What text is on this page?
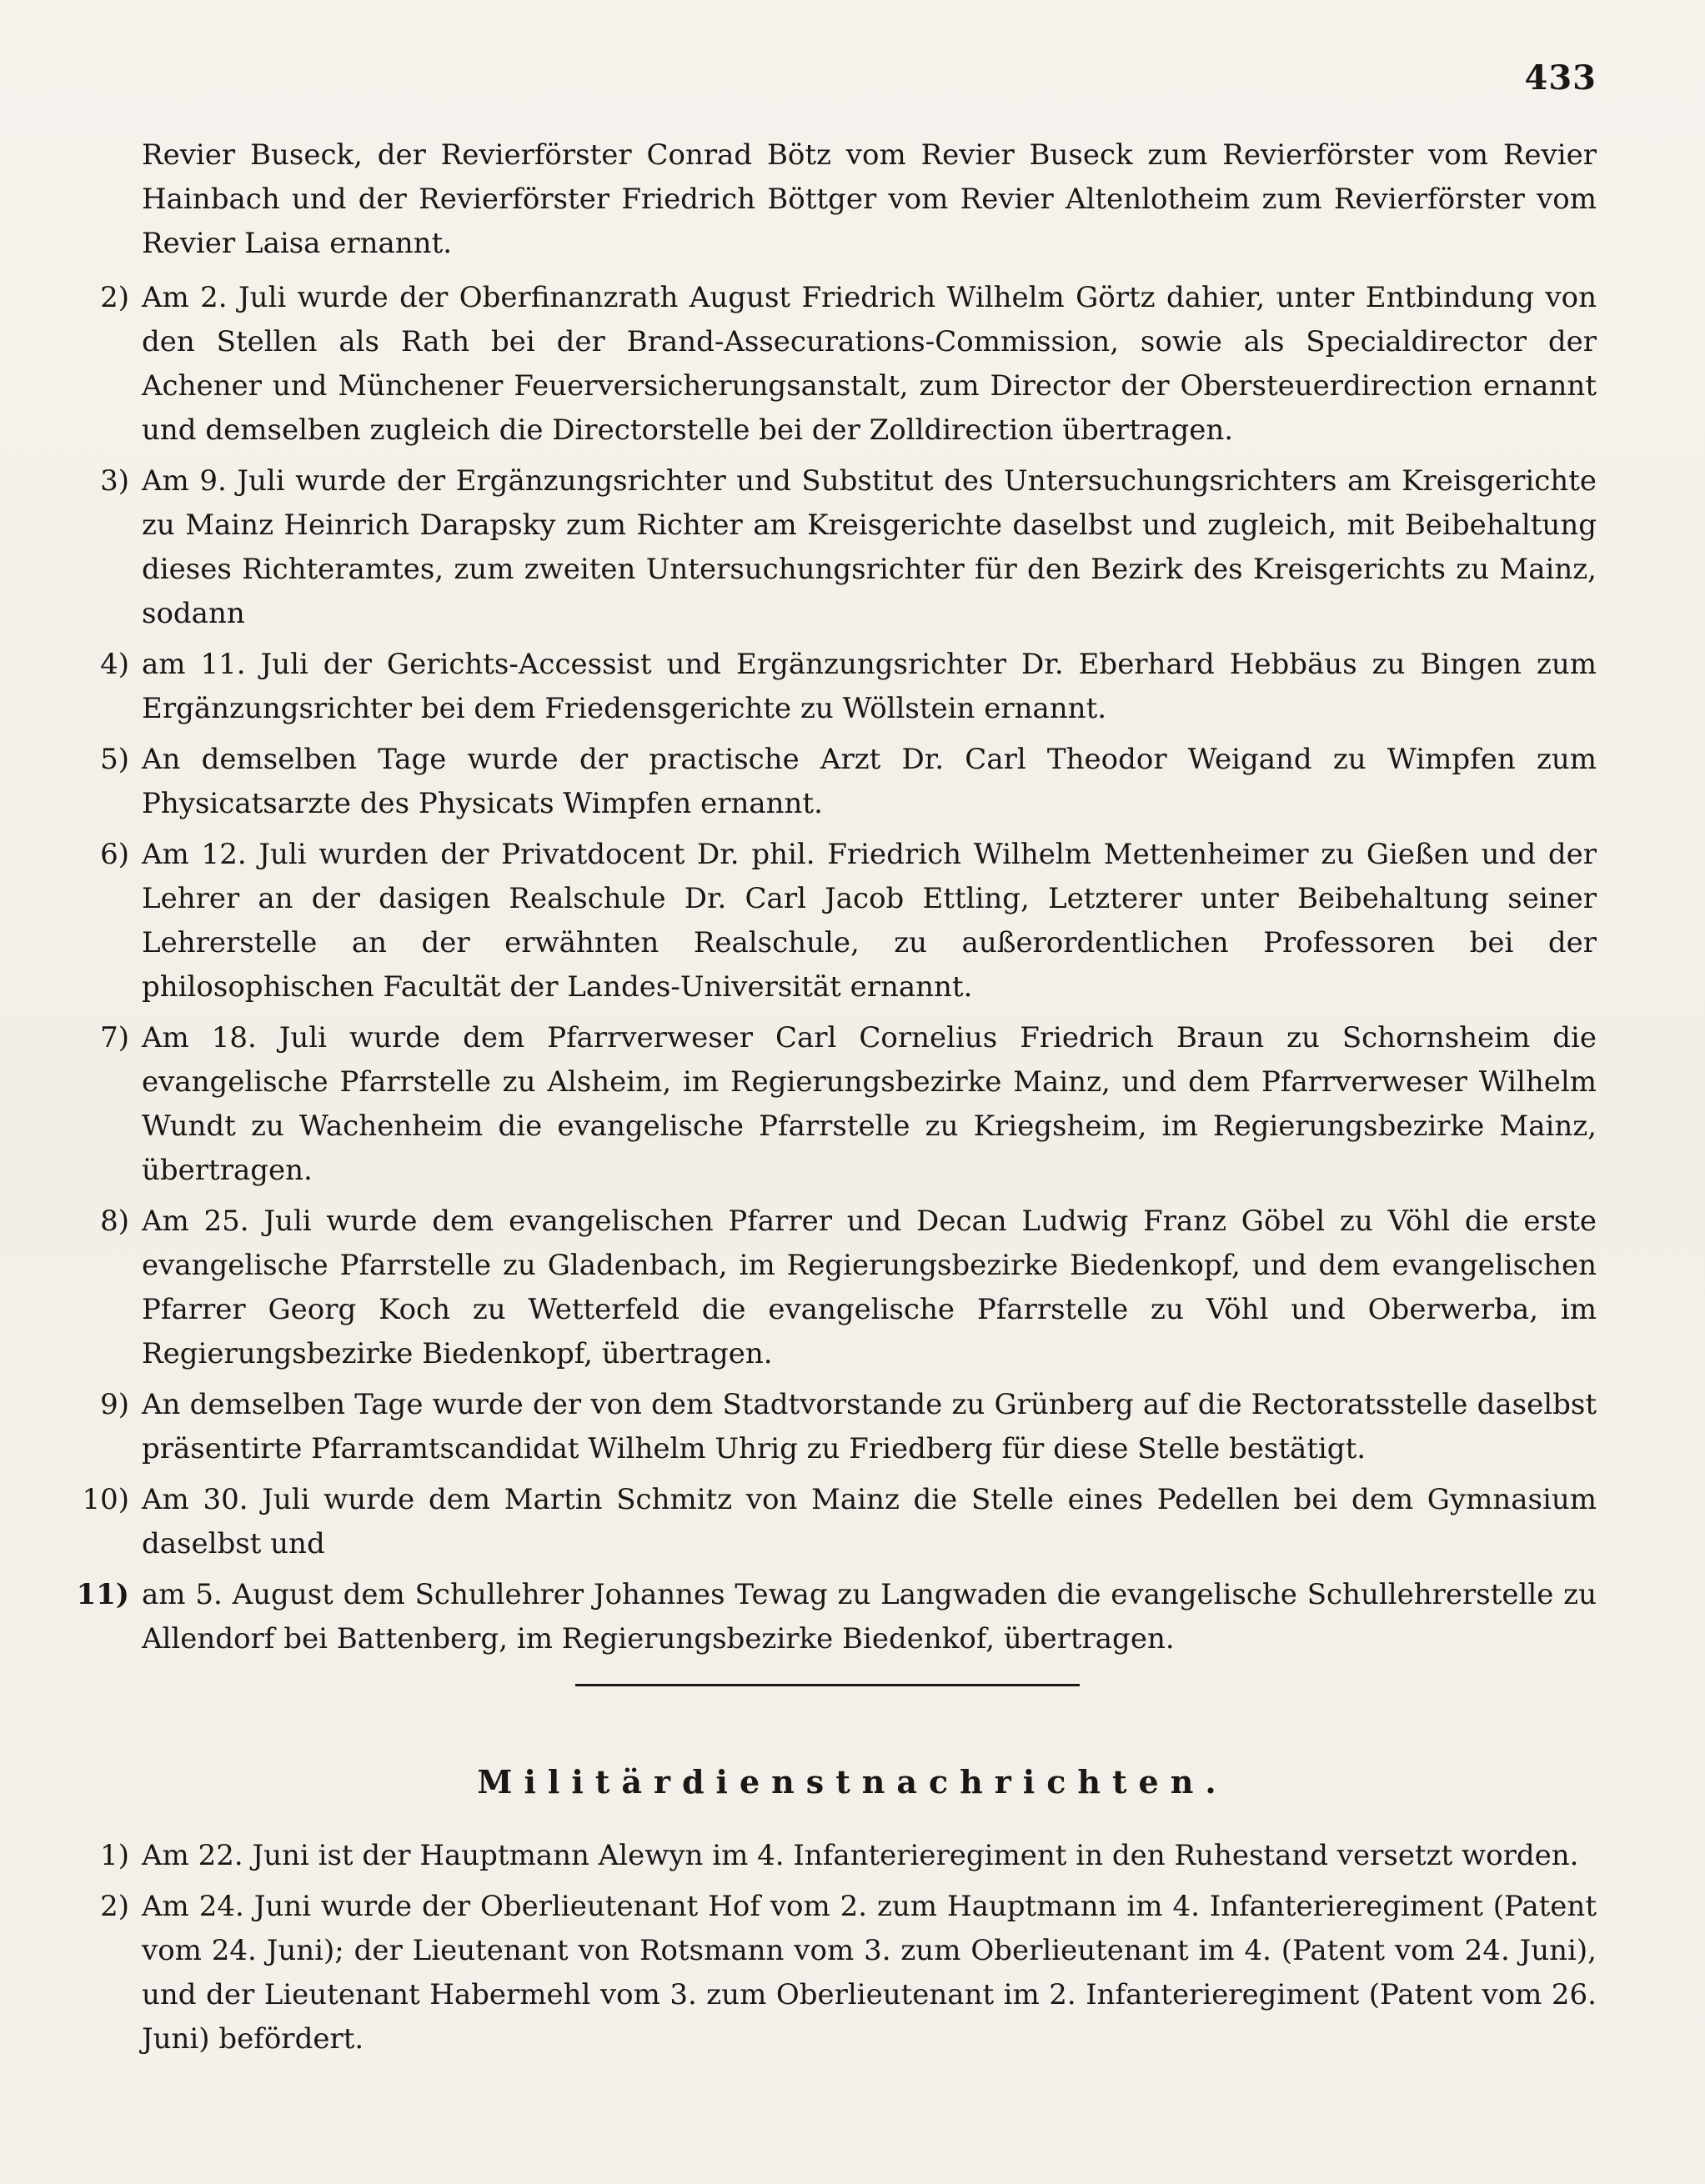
433

Revier Buseck, der Revierförster Conrad Bötz vom Revier Buseck zum Revierförster vom Revier Hainbach und der Revierförster Friedrich Böttger vom Revier Altenlotheim zum Revierförster vom Revier Laisa ernannt.

2) Am 2. Juli wurde der Oberfinanzrath August Friedrich Wilhelm Görtz dahier, unter Entbindung von den Stellen als Rath bei der Brand-Assecurations-Commission, sowie als Specialdirector der Achener und Münchener Feuerversicherungsanstalt, zum Director der Obersteuerdirection ernannt und demselben zugleich die Directorstelle bei der Zolldirection übertragen.
3) Am 9. Juli wurde der Ergänzungsrichter und Substitut des Untersuchungsrichters am Kreisgerichte zu Mainz Heinrich Darapsky zum Richter am Kreisgerichte daselbst und zugleich, mit Beibehaltung dieses Richteramtes, zum zweiten Untersuchungsrichter für den Bezirk des Kreisgerichts zu Mainz, sodann
4) am 11. Juli der Gerichts-Accessist und Ergänzungsrichter Dr. Eberhard Hebbäus zu Bingen zum Ergänzungsrichter bei dem Friedensgerichte zu Wöllstein ernannt.
5) An demselben Tage wurde der practische Arzt Dr. Carl Theodor Weigand zu Wimpfen zum Physicatsarzte des Physicats Wimpfen ernannt.
6) Am 12. Juli wurden der Privatdocent Dr. phil. Friedrich Wilhelm Mettenheimer zu Gießen und der Lehrer an der dasigen Realschule Dr. Carl Jacob Ettling, Letzterer unter Beibehaltung seiner Lehrerstelle an der erwähnten Realschule, zu außerordentlichen Professoren bei der philosophischen Facultät der Landes-Universität ernannt.
7) Am 18. Juli wurde dem Pfarrverweser Carl Cornelius Friedrich Braun zu Schornsheim die evangelische Pfarrstelle zu Alsheim, im Regierungsbezirke Mainz, und dem Pfarrverweser Wilhelm Wundt zu Wachenheim die evangelische Pfarrstelle zu Kriegsheim, im Regierungsbezirke Mainz, übertragen.
8) Am 25. Juli wurde dem evangelischen Pfarrer und Decan Ludwig Franz Göbel zu Vöhl die erste evangelische Pfarrstelle zu Gladenbach, im Regierungsbezirke Biedenkopf, und dem evangelischen Pfarrer Georg Koch zu Wetterfeld die evangelische Pfarrstelle zu Vöhl und Oberwerba, im Regierungsbezirke Biedenkopf, übertragen.
9) An demselben Tage wurde der von dem Stadtvorstande zu Grünberg auf die Rectoratsstelle daselbst präsentirte Pfarramtscandidat Wilhelm Uhrig zu Friedberg für diese Stelle bestätigt.
10) Am 30. Juli wurde dem Martin Schmitz von Mainz die Stelle eines Pedellen bei dem Gymnasium daselbst und
11) am 5. August dem Schullehrer Johannes Tewag zu Langwaden die evangelische Schullehrerstelle zu Allendorf bei Battenberg, im Regierungsbezirke Biedenkof, übertragen.
Militärdienstnachrichten.
1) Am 22. Juni ist der Hauptmann Alewyn im 4. Infanterieregiment in den Ruhestand versetzt worden.
2) Am 24. Juni wurde der Oberlieutenant Hof vom 2. zum Hauptmann im 4. Infanterieregiment (Patent vom 24. Juni); der Lieutenant von Rotsmann vom 3. zum Oberlieutenant im 4. (Patent vom 24. Juni), und der Lieutenant Habermehl vom 3. zum Oberlieutenant im 2. Infanterieregiment (Patent vom 26. Juni) befördert.
